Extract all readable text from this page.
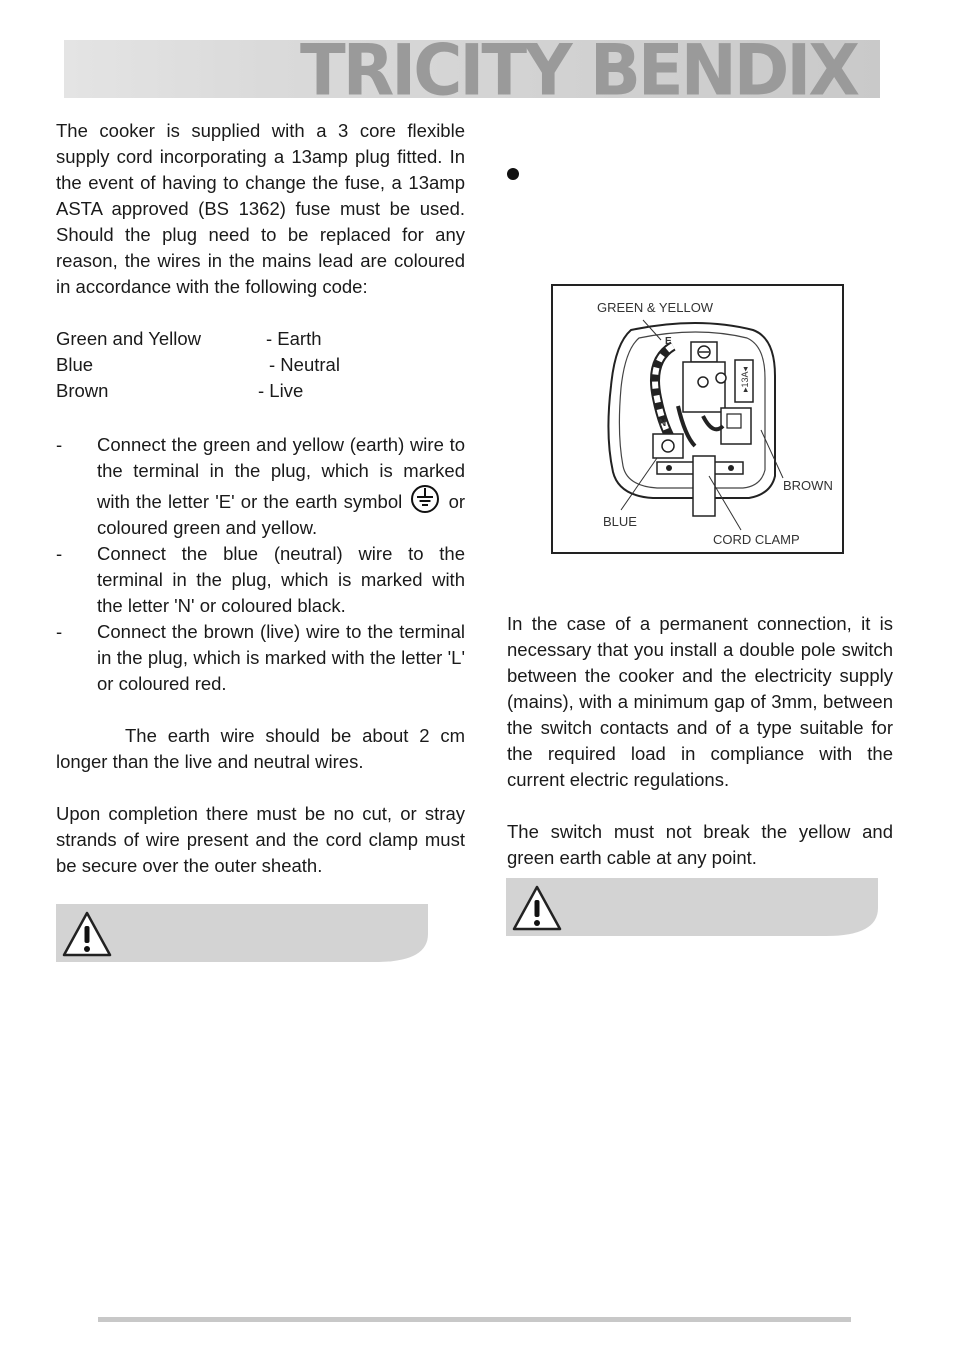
TRICITY BENDIX

The cooker is supplied with a 3 core flexible supply cord incorporating a 13amp plug fitted. In the event of having to change the fuse, a 13amp ASTA approved (BS 1362) fuse must be used. Should the plug need to be replaced for any reason, the wires in the mains lead are coloured in accordance with the following code:

Green and Yellow	- Earth
Blue	- Neutral
Brown	- Live
- Connect the green and yellow (earth) wire to the terminal in the plug, which is marked with the letter 'E' or the earth symbol	or coloured green and yellow.
- Connect the blue (neutral) wire to the terminal in the plug, which is marked with the letter 'N' or coloured black.
- Connect the brown (live) wire to the terminal in the plug, which is marked with the letter 'L' or coloured red.

The earth wire should be about 2 cm longer than the live and neutral wires.

Upon completion there must be no cut, or stray strands of wire present and the cord clamp must be secure over the outer sheath.

GREEN & YELLOW
BROWN
BLUE
CORD CLAMP
E
N
▸13A◂

In the case of a permanent connection, it is necessary that you install a double pole switch between the cooker and the electricity supply (mains), with a minimum gap of 3mm, between the switch contacts and of a type suitable for the required load in compliance with the current electric regulations.

The switch must not break the yellow and green earth cable at any point.
